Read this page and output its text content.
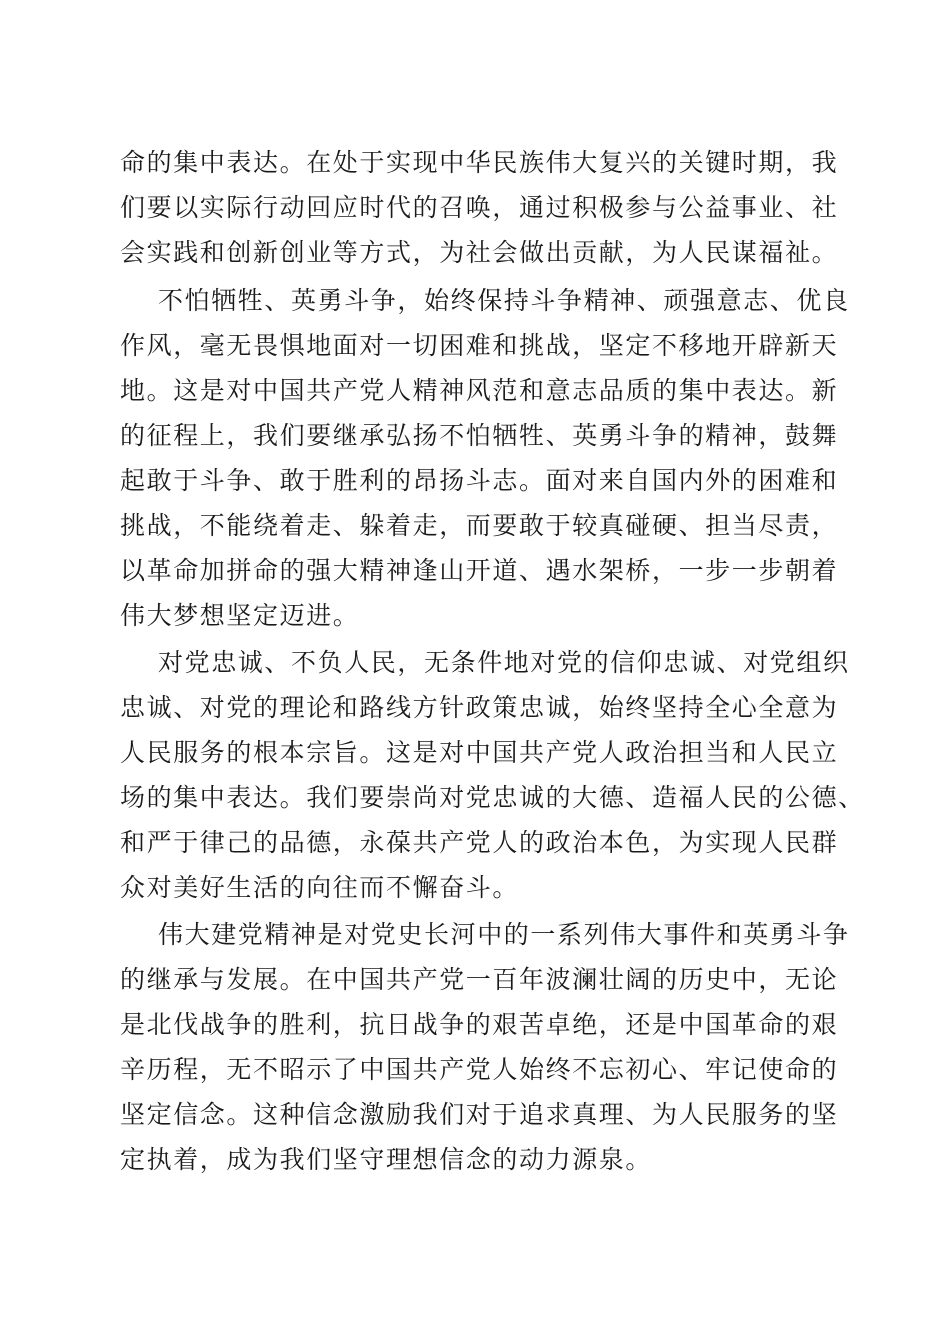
命的集中表达。在处于实现中华民族伟大复兴的关键时期，我
们要以实际行动回应时代的召唤，通过积极参与公益事业、社
会实践和创新创业等方式，为社会做出贡献，为人民谋福祉。
不怕牺牲、英勇斗争，始终保持斗争精神、顽强意志、优良
作风，毫无畏惧地面对一切困难和挑战，坚定不移地开辟新天
地。这是对中国共产党人精神风范和意志品质的集中表达。新
的征程上，我们要继承弘扬不怕牺牲、英勇斗争的精神，鼓舞
起敢于斗争、敢于胜利的昂扬斗志。面对来自国内外的困难和
挑战，不能绕着走、躲着走，而要敢于较真碰硬、担当尽责，
以革命加拼命的强大精神逢山开道、遇水架桥，一步一步朝着
伟大梦想坚定迈进。
对党忠诚、不负人民，无条件地对党的信仰忠诚、对党组织
忠诚、对党的理论和路线方针政策忠诚，始终坚持全心全意为
人民服务的根本宗旨。这是对中国共产党人政治担当和人民立
场的集中表达。我们要崇尚对党忠诚的大德、造福人民的公德、
和严于律己的品德，永葆共产党人的政治本色，为实现人民群
众对美好生活的向往而不懈奋斗。
伟大建党精神是对党史长河中的一系列伟大事件和英勇斗争
的继承与发展。在中国共产党一百年波澜壮阔的历史中，无论
是北伐战争的胜利，抗日战争的艰苦卓绝，还是中国革命的艰
辛历程，无不昭示了中国共产党人始终不忘初心、牢记使命的
坚定信念。这种信念激励我们对于追求真理、为人民服务的坚
定执着，成为我们坚守理想信念的动力源泉。
